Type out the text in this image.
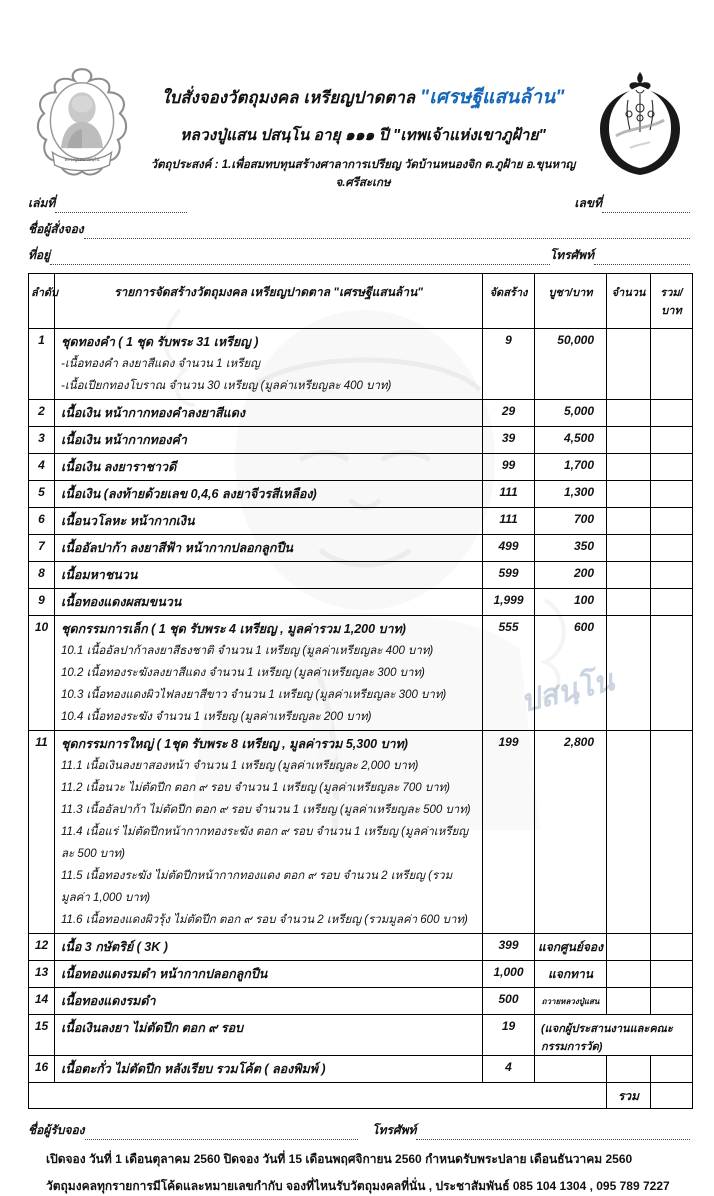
หลวงปู่แสน ปสนฺโน
ใบสั่งจองวัตถุมงคล เหรียญปาดตาล "เศรษฐีแสนล้าน"
หลวงปู่แสน ปสนฺโน อายุ ๑๑๑ ปี "เทพเจ้าแห่งเขาภูฝ้าย"
วัตถุประสงค์ : 1.เพื่อสมทบทุนสร้างศาลาการเปรียญ วัดบ้านหนองจิก ต.ภูฝ้าย อ.ขุนหาญ จ.ศรีสะเกษ
เล่มที่	เลขที่
ชื่อผู้สั่งจอง
ที่อยู่	โทรศัพท์
ปสนฺโน
ลำดับ	รายการจัดสร้างวัตถุมงคล เหรียญปาดตาล "เศรษฐีแสนล้าน"	จัดสร้าง	บูชา/บาท	จำนวน	รวม/บาท
1	ชุดทองคำ ( 1 ชุด รับพระ 31 เหรียญ )
-เนื้อทองคำ ลงยาสีแดง จำนวน 1 เหรียญ
-เนื้อเปียกทองโบราณ จำนวน 30 เหรียญ (มูลค่าเหรียญละ 400 บาท)	9	50,000		
2	เนื้อเงิน หน้ากากทองคำลงยาสีแดง	29	5,000		
3	เนื้อเงิน หน้ากากทองคำ	39	4,500		
4	เนื้อเงิน ลงยาราชาวดี	99	1,700		
5	เนื้อเงิน (ลงท้ายด้วยเลข 0,4,6 ลงยาจีวรสีเหลือง)	111	1,300		
6	เนื้อนวโลหะ หน้ากากเงิน	111	700		
7	เนื้ออัลปาก้า ลงยาสีฟ้า หน้ากากปลอกลูกปืน	499	350		
8	เนื้อมหาชนวน	599	200		
9	เนื้อทองแดงผสมขนวน	1,999	100		
10	ชุดกรรมการเล็ก ( 1 ชุด รับพระ 4 เหรียญ , มูลค่ารวม 1,200 บาท)
10.1 เนื้ออัลปาก้าลงยาสีธงชาติ จำนวน 1 เหรียญ (มูลค่าเหรียญละ 400 บาท)
10.2 เนื้อทองระฆังลงยาสีแดง จำนวน 1 เหรียญ (มูลค่าเหรียญละ 300 บาท)
10.3 เนื้อทองแดงผิวไฟลงยาสีขาว จำนวน 1 เหรียญ (มูลค่าเหรียญละ 300 บาท)
10.4 เนื้อทองระฆัง จำนวน 1 เหรียญ (มูลค่าเหรียญละ 200 บาท)	555	600		
11	ชุดกรรมการใหญ่ ( 1ชุด รับพระ 8 เหรียญ , มูลค่ารวม 5,300 บาท)
11.1 เนื้อเงินลงยาสองหน้า จำนวน 1 เหรียญ (มูลค่าเหรียญละ 2,000 บาท)
11.2 เนื้อนวะ ไม่ตัดปีก ตอก ๙ รอบ จำนวน 1 เหรียญ (มูลค่าเหรียญละ 700 บาท)
11.3 เนื้ออัลปาก้า ไม่ตัดปีก ตอก ๙ รอบ จำนวน 1 เหรียญ (มูลค่าเหรียญละ 500 บาท)
11.4 เนื้อแร่ ไม่ตัดปีกหน้ากากทองระฆัง ตอก ๙ รอบ จำนวน 1 เหรียญ (มูลค่าเหรียญละ 500 บาท)
11.5 เนื้อทองระฆัง ไม่ตัดปีกหน้ากากทองแดง ตอก ๙ รอบ จำนวน 2 เหรียญ (รวมมูลค่า 1,000 บาท)
11.6 เนื้อทองแดงผิวรุ้ง ไม่ตัดปีก ตอก ๙ รอบ จำนวน 2 เหรียญ (รวมมูลค่า 600 บาท)
	199	2,800		
12	เนื้อ 3 กษัตริย์ ( 3K )	399	แจกศูนย์จอง		
13	เนื้อทองแดงรมดำ หน้ากากปลอกลูกปืน	1,000	แจกทาน		
14	เนื้อทองแดงรมดำ	500	ถวายหลวงปู่แสน		
15	เนื้อเงินลงยา ไม่ตัดปีก ตอก ๙ รอบ	19	(แจกผู้ประสานงานและคณะกรรมการวัด)		
16	เนื้อตะกั่ว ไม่ตัดปีก หลังเรียบ รวมโค้ต ( ลองพิมพ์ )	4			
				รวม	
ชื่อผู้รับจอง	โทรศัพท์
เปิดจอง วันที่ 1 เดือนตุลาคม 2560 ปิดจอง วันที่ 15 เดือนพฤศจิกายน 2560 กำหนดรับพระปลาย เดือนธันวาคม 2560
วัตถุมงคลทุกรายการมีโค้ดและหมายเลขกำกับ จองที่ไหนรับวัตถุมงคลที่นั่น , ประชาสัมพันธ์ 085 104 1304 , 095 789 7227
